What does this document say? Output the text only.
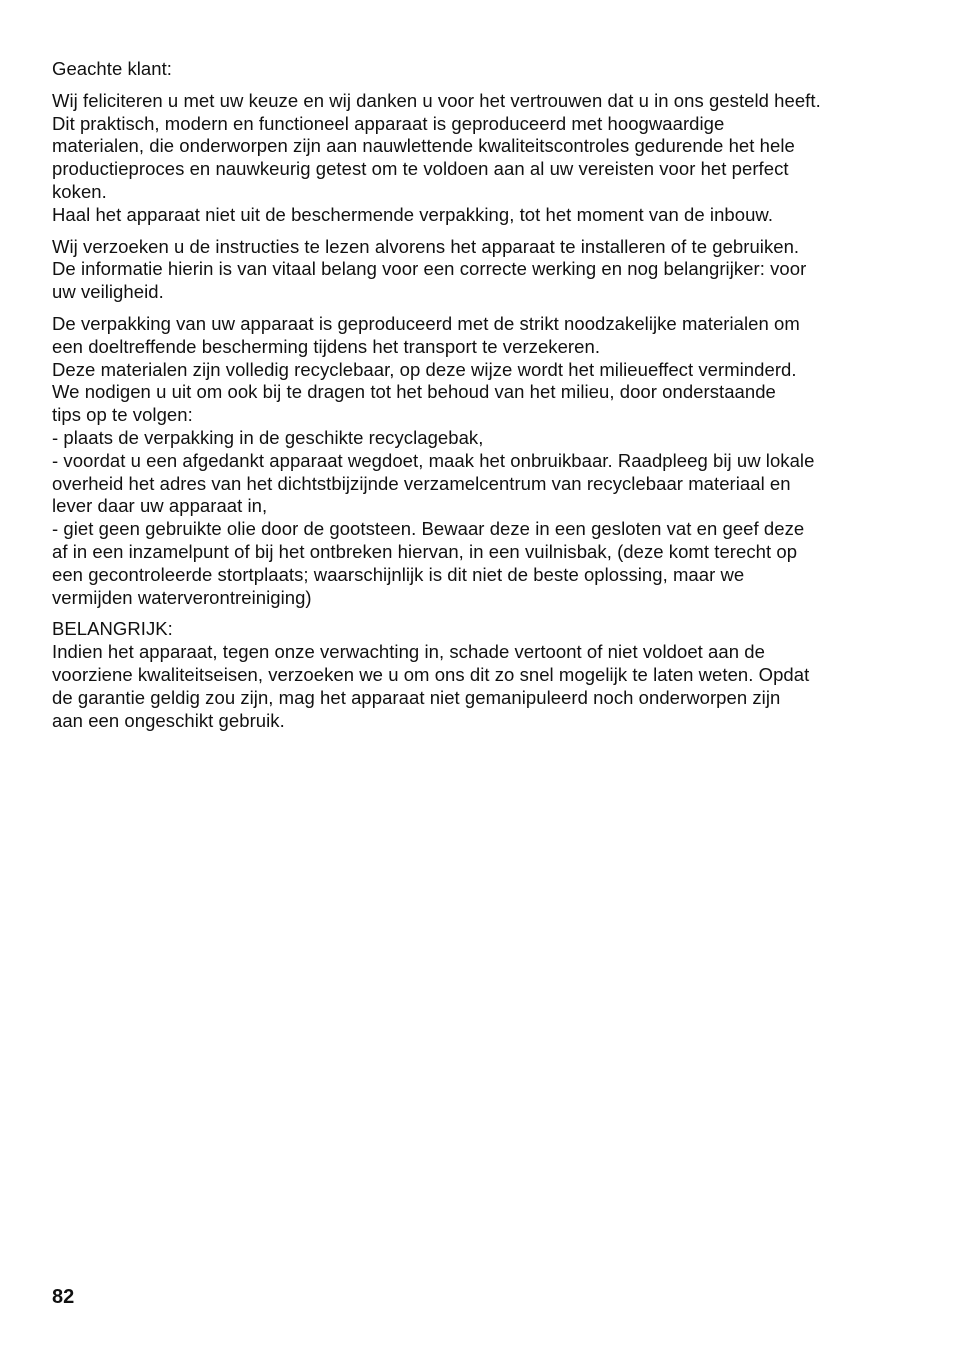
Geachte klant:

Wij feliciteren u met uw keuze en wij danken u voor het vertrouwen dat u in ons gesteld heeft.
Dit praktisch, modern en functioneel apparaat is geproduceerd met hoogwaardige
materialen, die onderworpen zijn aan nauwlettende kwaliteitscontroles gedurende het hele
productieproces en nauwkeurig getest om te voldoen aan al uw vereisten voor het perfect
koken.
Haal het apparaat niet uit de beschermende verpakking, tot het moment van de inbouw.
Wij verzoeken u de instructies te lezen alvorens het apparaat te installeren of te gebruiken.
De informatie hierin is van vitaal belang voor een correcte werking en nog belangrijker: voor
uw veiligheid.
De verpakking van uw apparaat is geproduceerd met de strikt noodzakelijke materialen om
een doeltreffende bescherming tijdens het transport te verzekeren.
Deze materialen zijn volledig recyclebaar, op deze wijze wordt het milieueffect verminderd.
We nodigen u uit om ook bij te dragen tot het behoud van het milieu, door onderstaande
tips op te volgen:
- plaats de verpakking in de geschikte recyclagebak,
- voordat u een afgedankt apparaat wegdoet, maak het onbruikbaar. Raadpleeg bij uw lokale
overheid het adres van het dichtstbijzijnde verzamelcentrum van recyclebaar materiaal en
lever daar uw apparaat in,
- giet geen gebruikte olie door de gootsteen. Bewaar deze in een gesloten vat en geef deze
af in een inzamelpunt of bij het ontbreken hiervan, in een vuilnisbak, (deze komt terecht op
een gecontroleerde stortplaats; waarschijnlijk is dit niet de beste oplossing, maar we
vermijden waterverontreiniging)
BELANGRIJK:
Indien het apparaat, tegen onze verwachting in, schade vertoont of niet voldoet aan de
voorziene kwaliteitseisen, verzoeken we u om ons dit zo snel mogelijk te laten weten. Opdat
de garantie geldig zou zijn, mag het apparaat niet gemanipuleerd noch onderworpen zijn
aan een ongeschikt gebruik.
82
